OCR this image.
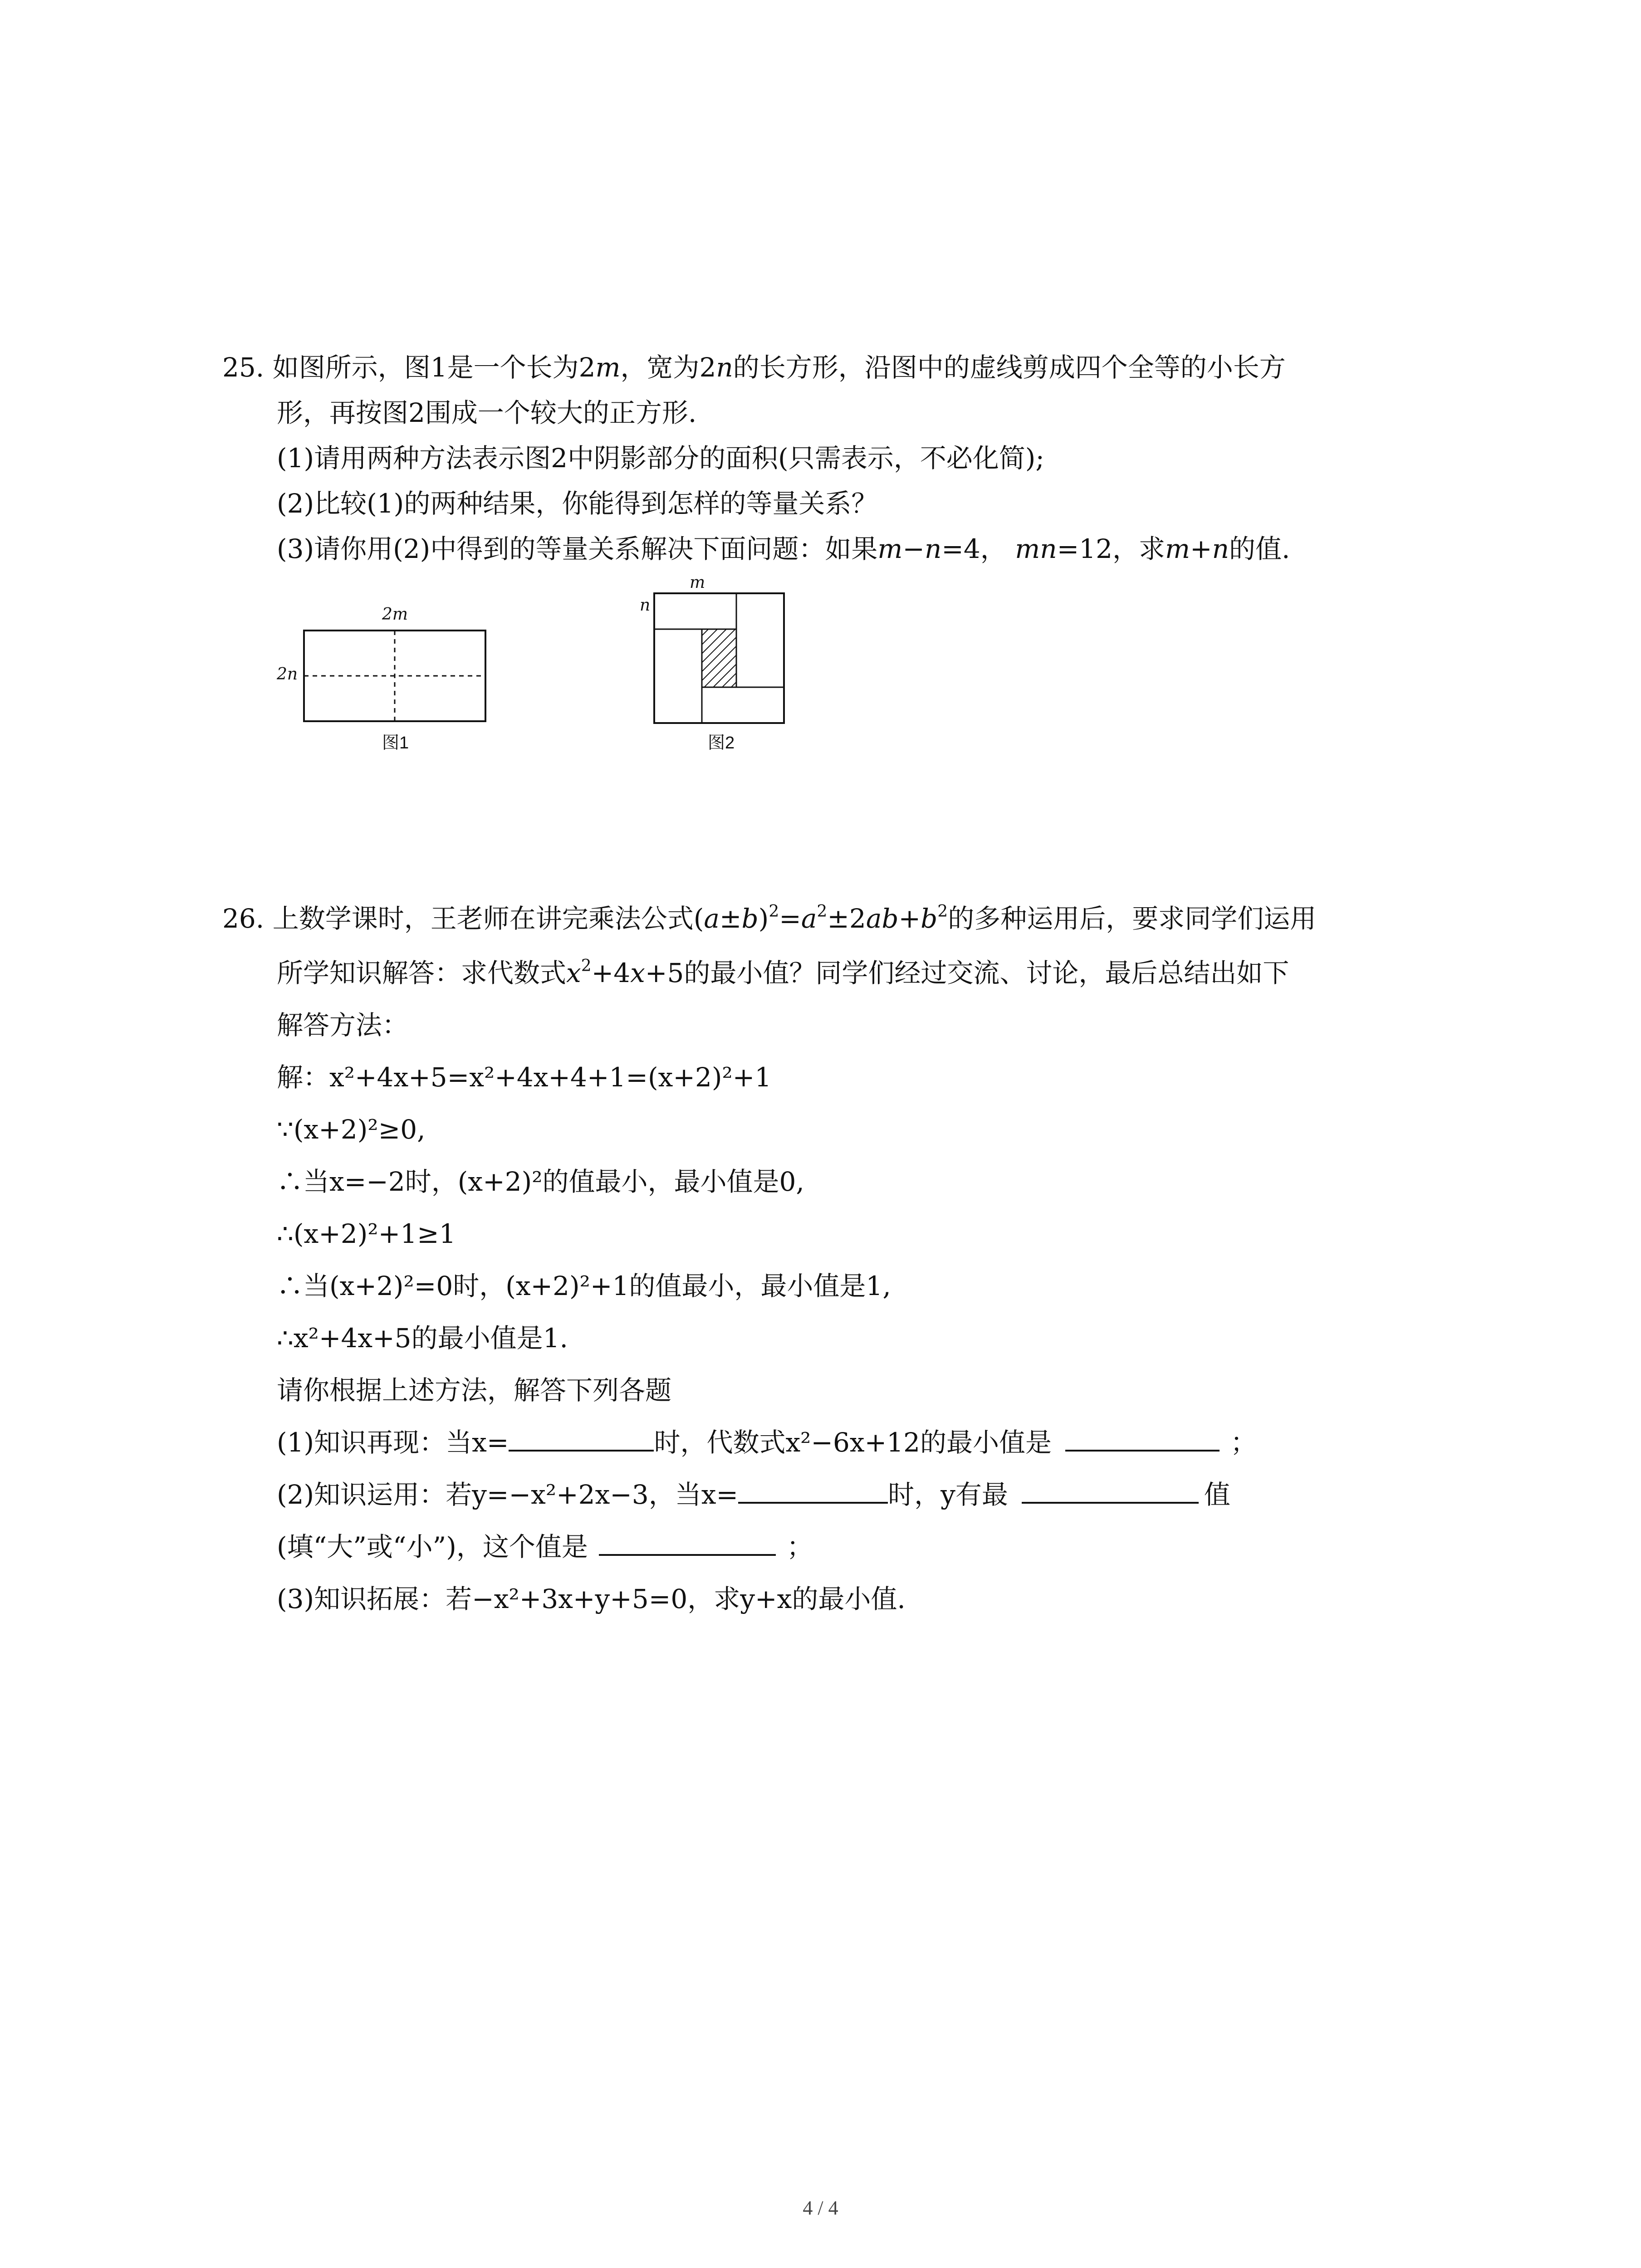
25. 如图所示，图1是一个长为2m，宽为2n的长方形，沿图中的虚线剪成四个全等的小长方
形，再按图2围成一个较大的正方形.
(1)请用两种方法表示图2中阴影部分的面积(只需表示，不必化简);
(2)比较(1)的两种结果，你能得到怎样的等量关系？
(3)请你用(2)中得到的等量关系解决下面问题：如果m−n=4， mn=12，求m+n的值.
2m
2n
图1
m
n
图2
26. 上数学课时，王老师在讲完乘法公式$(a\pm b)^2=a^2\pm 2ab+b^2$的多种运用后，要求同学们运用
所学知识解答：求代数式$x^2+4x+5$的最小值？同学们经过交流、讨论，最后总结出如下
解答方法：
解：x²+4x+5=x²+4x+4+1=(x+2)²+1
∵(x+2)²≥0,
∴当x=−2时，(x+2)²的值最小，最小值是0,
∴(x+2)²+1≥1
∴当(x+2)²=0时，(x+2)²+1的值最小，最小值是1,
∴x²+4x+5的最小值是1.
请你根据上述方法，解答下列各题
(1)知识再现：当x=	时，代数式x²−6x+12的最小值是	；
(2)知识运用：若y=−x²+2x−3，当x=	时，y有最	值
(填“大”或“小”)，这个值是	；
(3)知识拓展：若−x²+3x+y+5=0，求y+x的最小值.
4 / 4
